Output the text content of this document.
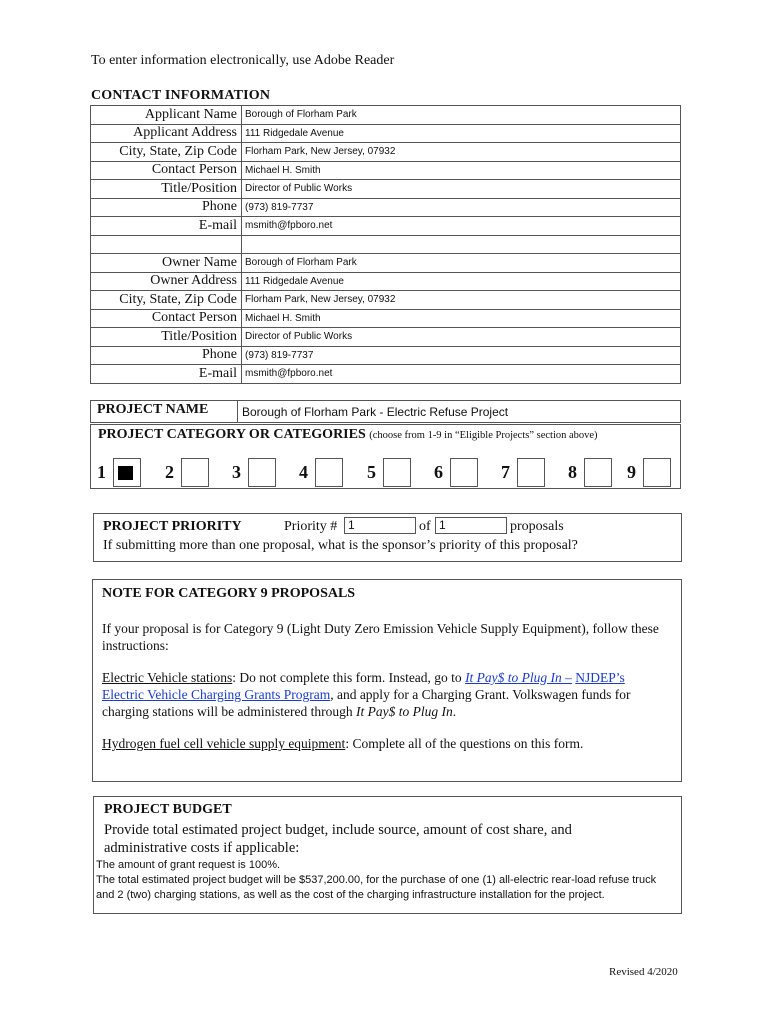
To enter information electronically, use Adobe Reader
CONTACT INFORMATION
Applicant Name	Borough of Florham Park
Applicant Address	111 Ridgedale Avenue
City, State, Zip Code	Florham Park, New Jersey, 07932
Contact Person	Michael H. Smith
Title/Position	Director of Public Works
Phone	(973) 819-7737
E-mail	msmith@fpboro.net

Owner Name	Borough of Florham Park
Owner Address	111 Ridgedale Avenue
City, State, Zip Code	Florham Park, New Jersey, 07932
Contact Person	Michael H. Smith
Title/Position	Director of Public Works
Phone	(973) 819-7737
E-mail	msmith@fpboro.net
PROJECT NAME	Borough of Florham Park - Electric Refuse Project
PROJECT CATEGORY OR CATEGORIES (choose from 1-9 in “Eligible Projects” section above)
1	2	3	4	5	6	7	8	9
PROJECT PRIORITY	Priority # 1	of 1	proposals
If submitting more than one proposal, what is the sponsor’s priority of this proposal?
NOTE FOR CATEGORY 9 PROPOSALS
If your proposal is for Category 9 (Light Duty Zero Emission Vehicle Supply Equipment), follow these instructions:
Electric Vehicle stations: Do not complete this form. Instead, go to It Pay$ to Plug In – NJDEP’s Electric Vehicle Charging Grants Program, and apply for a Charging Grant. Volkswagen funds for charging stations will be administered through It Pay$ to Plug In.
Hydrogen fuel cell vehicle supply equipment: Complete all of the questions on this form.
PROJECT BUDGET
Provide total estimated project budget, include source, amount of cost share, and administrative costs if applicable:
The amount of grant request is 100%.
The total estimated project budget will be $537,200.00, for the purchase of one (1) all-electric rear-load refuse truck and 2 (two) charging stations, as well as the cost of the charging infrastructure installation for the project.
Revised 4/2020
